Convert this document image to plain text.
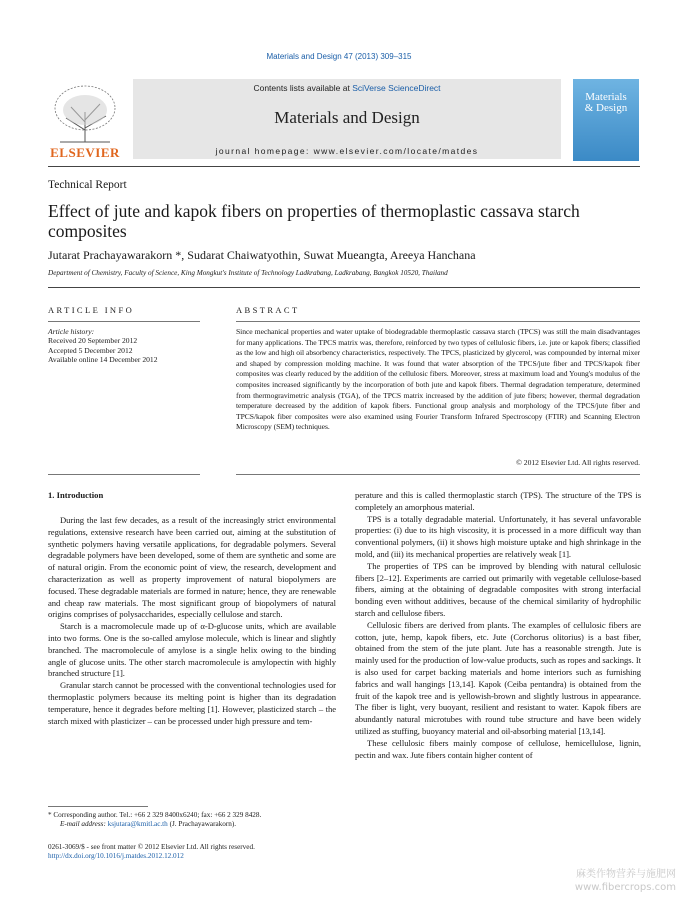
Materials and Design 47 (2013) 309–315
Contents lists available at SciVerse ScienceDirect
Materials and Design
journal homepage: www.elsevier.com/locate/matdes
ELSEVIER
Materials
& Design
Technical Report
Effect of jute and kapok fibers on properties of thermoplastic cassava starch composites
Jutarat Prachayawarakorn *, Sudarat Chaiwatyothin, Suwat Mueangta, Areeya Hanchana
Department of Chemistry, Faculty of Science, King Mongkut's Institute of Technology Ladkrabang, Ladkrabang, Bangkok 10520, Thailand
ARTICLE INFO
Article history:
Received 20 September 2012
Accepted 5 December 2012
Available online 14 December 2012
ABSTRACT
Since mechanical properties and water uptake of biodegradable thermoplastic cassava starch (TPCS) was still the main disadvantages for many applications. The TPCS matrix was, therefore, reinforced by two types of cellulosic fibers, i.e. jute or kapok fibers; classified as the low and high oil absorbency characteristics, respectively. The TPCS, plasticized by glycerol, was compounded by internal mixer and shaped by compression molding machine. It was found that water absorption of the TPCS/jute fiber and TPCS/kapok fiber composites was clearly reduced by the addition of the cellulosic fibers. Moreover, stress at maximum load and Young's modulus of the composites increased significantly by the incorporation of both jute and kapok fibers. Thermal degradation temperature, determined from thermogravimetric analysis (TGA), of the TPCS matrix increased by the addition of jute fibers; however, thermal degradation temperature decreased by the addition of kapok fibers. Functional group analysis and morphology of the TPCS/jute fiber and TPCS/kapok fiber composites were also examined using Fourier Transform Infrared Spectroscopy (FTIR) and Scanning Electron Microscopy (SEM) techniques.
© 2012 Elsevier Ltd. All rights reserved.
1. Introduction

During the last few decades, as a result of the increasingly strict environmental regulations, extensive research have been carried out, aiming at the substitution of synthetic polymers having versatile applications, for degradable polymers. Several degradable polymers have been developed, some of them are synthetic and some are of natural origin. From the economic point of view, the research, development and characterization as well as property improvement of natural biopolymers are focused. These degradable materials are formed in nature; hence, they are renewable and cheap raw materials. The most significant group of biopolymers of natural origins comprises of polysaccharides, especially cellulose and starch.

Starch is a macromolecule made up of α-D-glucose units, which are available into two forms. One is the so-called amylose molecule, which is linear and slightly branched. The macromolecule of amylose is a single helix owing to the binding angle of glucose units. The other starch macromolecule is amylopectin with highly branched structure [1].

Granular starch cannot be processed with the conventional technologies used for thermoplastic polymers because its melting point is higher than its degradation temperature, hence it degrades before melting [1]. However, plasticized starch – the starch mixed with plasticizer – can be processed under high pressure and tem-

perature and this is called thermoplastic starch (TPS). The structure of the TPS is completely an amorphous material.

TPS is a totally degradable material. Unfortunately, it has several unfavorable properties: (i) due to its high viscosity, it is processed in a more difficult way than conventional polymers, (ii) it shows high moisture uptake and high shrinkage in the mold, and (iii) its mechanical properties are relatively weak [1].

The properties of TPS can be improved by blending with natural cellulosic fibers [2–12]. Experiments are carried out primarily with vegetable cellulose-based fibers, aiming at the obtaining of degradable composites with strong interfacial bonding even without additives, because of the chemical similarity of hydrophilic starch and cellulose fibers.

Cellulosic fibers are derived from plants. The examples of cellulosic fibers are cotton, jute, hemp, kapok fibers, etc. Jute (Corchorus olitorius) is a bast fiber, obtained from the stem of the jute plant. Jute has a reasonable strength. Jute is mainly used for the production of low-value products, such as ropes and sackings. It is also used for carpet backing materials and home interiors such as furnishing fabrics and wall hangings [13,14]. Kapok (Ceiba pentandra) is obtained from the fruit of the kapok tree and is yellowish-brown and slightly lustrous in appearance. The fiber is light, very buoyant, resilient and resistant to water. Kapok fibers are abundantly natural microtubes with round tube structure and have been widely utilized as stuffing, buoyancy material and oil-absorbing material [13,14].

These cellulosic fibers mainly compose of cellulose, hemicellulose, lignin, pectin and wax. Jute fibers contain higher content of

* Corresponding author. Tel.: +66 2 329 8400x6240; fax: +66 2 329 8428.
E-mail address: ksjutara@kmitl.ac.th (J. Prachayawarakorn).
0261-3069/$ - see front matter © 2012 Elsevier Ltd. All rights reserved.
http://dx.doi.org/10.1016/j.matdes.2012.12.012
麻类作物营养与施肥网
www.fibercrops.com
